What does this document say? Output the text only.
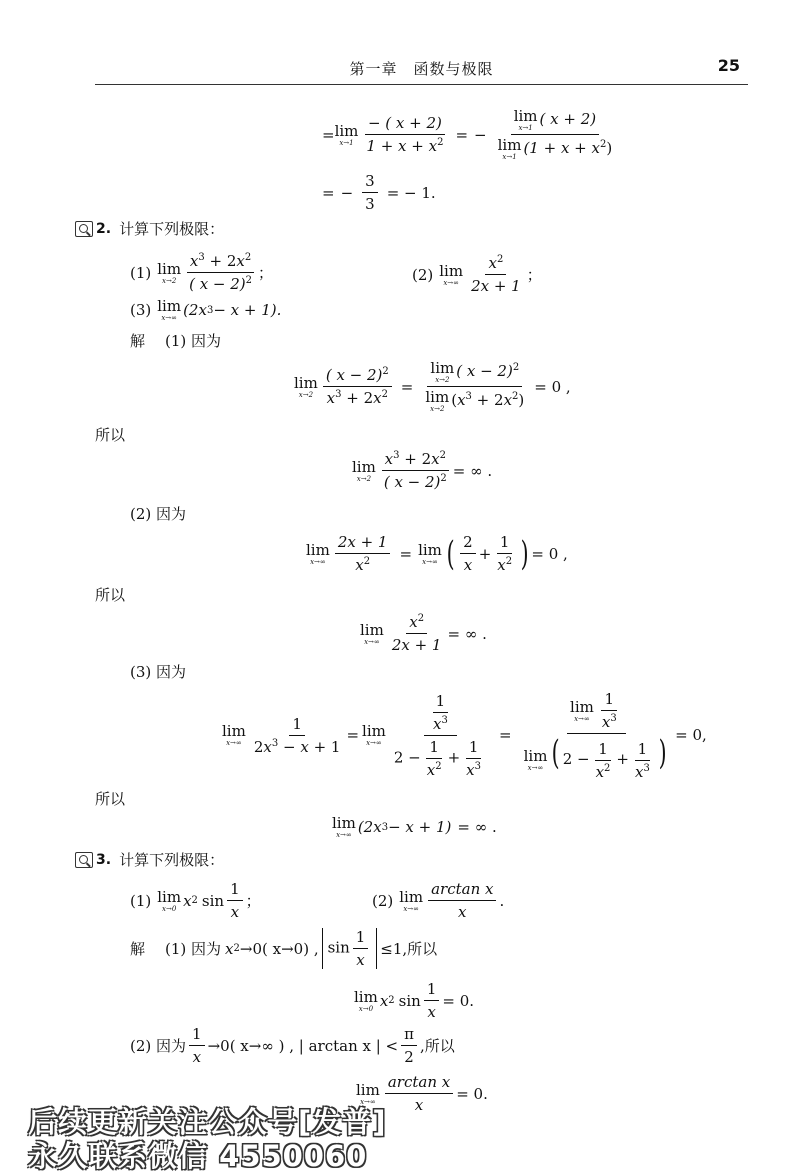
第一章　函数与极限	25
= lim
$x\to 1 \frac{- ( x + 2)}{1 + x + x^2}$ = − lim
x→1 ( x + 2)
lim
x→1 $(1 + x + x^2)$
= − $\frac{3}{3}$ = − 1.
2. 计算下列极限：
(1) lim
$x\to 2 \frac{x^3 + 2x^2}{( x - 2)^2}$ ；	(2) lim
$x\to\infty \frac{x^2}{2x + 1}$ ；
(3) lim
x→∞ (2x 3 − x + 1).
解 (1) 因为
lim
$x\to 2 \frac{( x - 2)^2}{x^3 + 2x^2} = \lim$
x→2 ( x − 2)$^2$
lim
x→2 $(x^3 + 2x^2) = 0$ ,
所以
lim
$x\to 2 \frac{x^3 + 2x^2}{( x - 2)^2}$ = ∞ .
(2) 因为
lim
$x\to\infty \frac{2x + 1}{x^2} = \lim$
x→∞ ( $\frac{2}{x} + \frac{1}{x^2}$ ) = 0 ,
所以
lim
$x\to\infty \frac{x^2}{2x + 1}$ = ∞ .
(3) 因为
lim
$x\to\infty \frac{1}{2x^3 - x + 1} = \lim$
$x\to\infty \frac{\frac{1}{x^3}}{2 - \frac{1}{x^2} + \frac{1}{x^3}} = \lim$
$x\to\infty \frac{1}{x^3}$
lim
x→∞ ( $2 - \frac{1}{x^2} + \frac{1}{x^3}$ ) = 0,
所以
lim
x→∞ (2x 3 − x + 1) = ∞ .
3. 计算下列极限：
(1) lim
x→0 x 2 $\sin \frac{1}{x}$ ；	(2) lim
$x\to\infty \frac{\text{arctan x}}{x}$ .
解 (1) 因为 x 2 →0( x→0) , $\sin \frac{1}{x} \le 1$,所以
lim
x→0 x 2 $\sin \frac{1}{x} = 0$.
(2) 因为 $\frac{1}{x} \to 0$( x→∞ ) , | arctan x | < $\frac{\pi}{2}$ ,所以
lim
$x\to\infty \frac{\text{arctan x}}{x} = 0$.
后续更新关注公众号[发普]
永久联系微信 4550060
